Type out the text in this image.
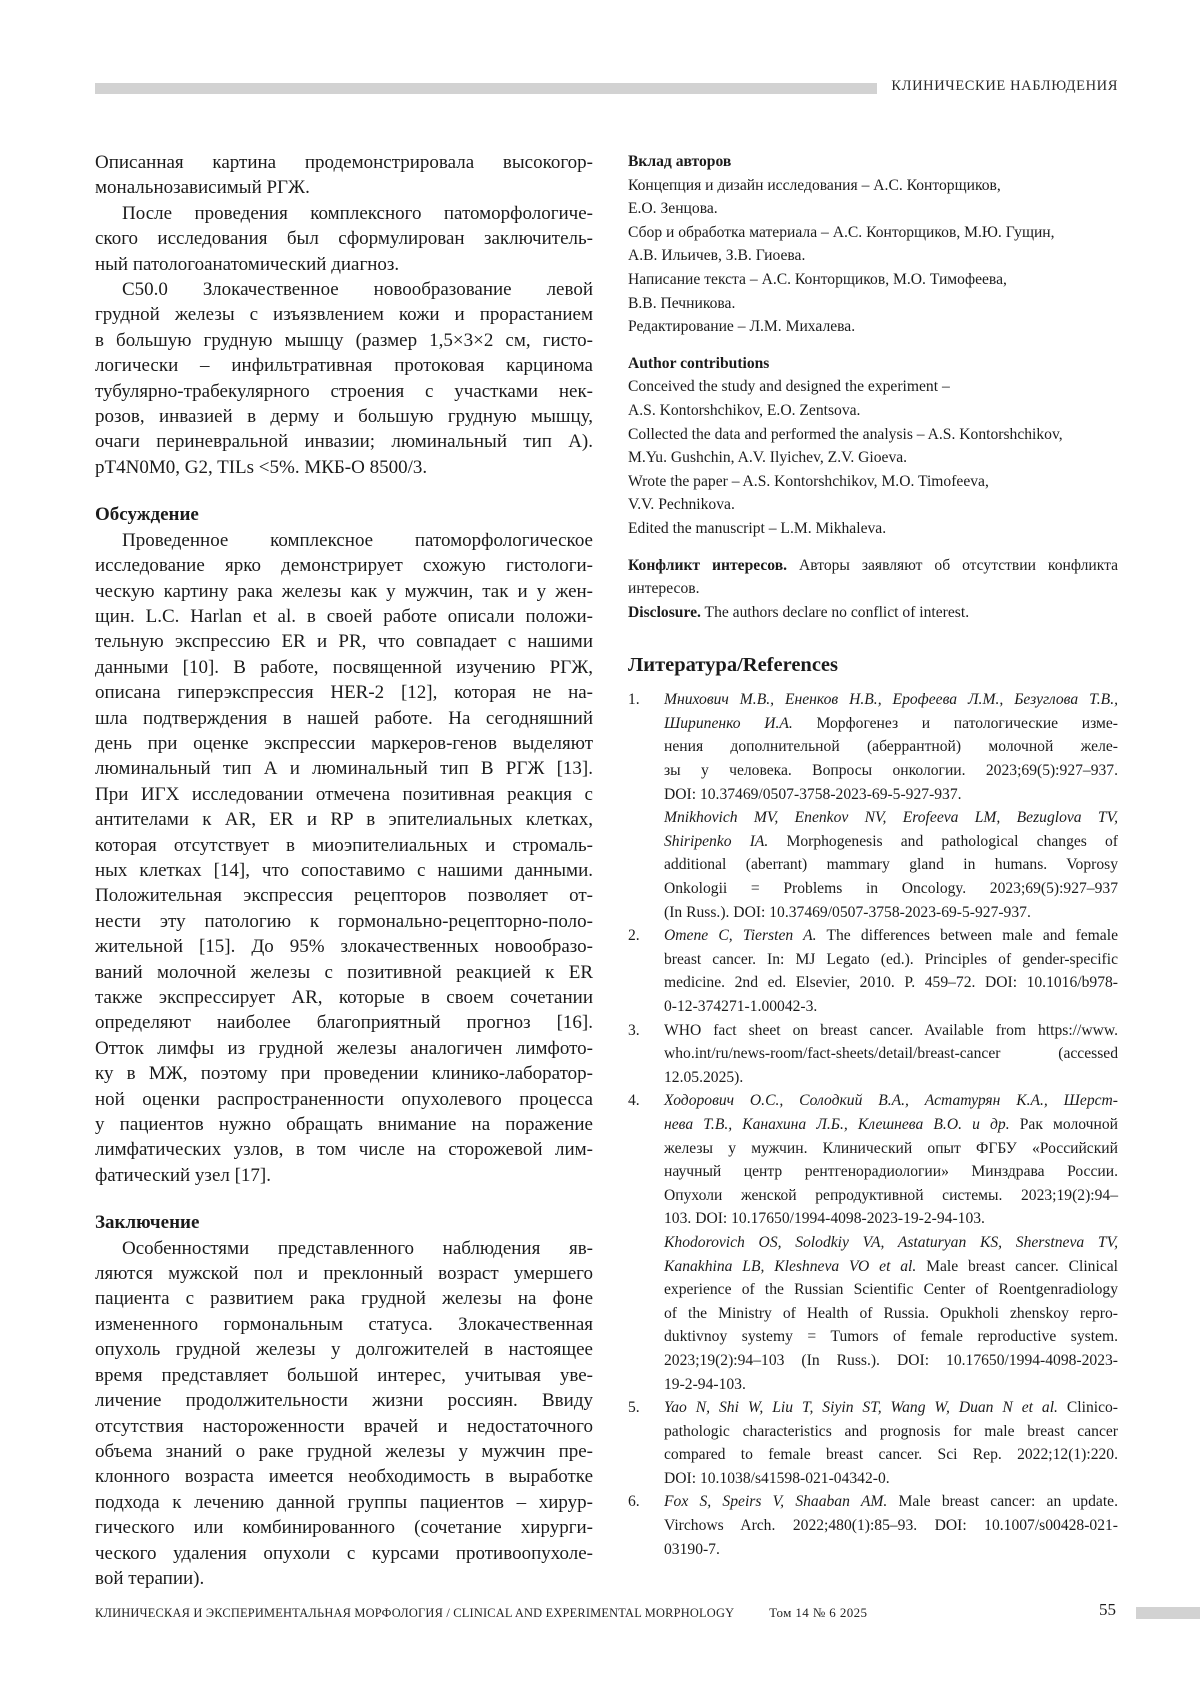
КЛИНИЧЕСКИЕ НАБЛЮДЕНИЯ
Описанная картина продемонстрировала высокогор-
мональнозависимый РГЖ.
После проведения комплексного патоморфологиче-
ского исследования был сформулирован заключитель-
ный патологоанатомический диагноз.
С50.0 Злокачественное новообразование левой
грудной железы с изъязвлением кожи и прорастанием
в большую грудную мышцу (размер 1,5×3×2 см, гисто-
логически – инфильтративная протоковая карцинома
тубулярно-трабекулярного строения с участками нек-
розов, инвазией в дерму и большую грудную мышцу,
очаги периневральной инвазии; люминальный тип А).
pT4N0M0, G2, TILs <5%. МКБ-О 8500/3.
Обсуждение
Проведенное комплексное патоморфологическое
исследование ярко демонстрирует схожую гистологи-
ческую картину рака железы как у мужчин, так и у жен-
щин. L.C. Harlan et al. в своей работе описали положи-
тельную экспрессию ER и PR, что совпадает с нашими
данными [10]. В работе, посвященной изучению РГЖ,
описана гиперэкспрессия HER-2 [12], которая не на-
шла подтверждения в нашей работе. На сегодняшний
день при оценке экспрессии маркеров-генов выделяют
люминальный тип А и люминальный тип В РГЖ [13].
При ИГХ исследовании отмечена позитивная реакция с
антителами к AR, ER и RP в эпителиальных клетках,
которая отсутствует в миоэпителиальных и стромаль-
ных клетках [14], что сопоставимо с нашими данными.
Положительная экспрессия рецепторов позволяет от-
нести эту патологию к гормонально-рецепторно-поло-
жительной [15]. До 95% злокачественных новообразо-
ваний молочной железы с позитивной реакцией к ER
также экспрессирует AR, которые в своем сочетании
определяют наиболее благоприятный прогноз [16].
Отток лимфы из грудной железы аналогичен лимфото-
ку в МЖ, поэтому при проведении клинико-лаборатор-
ной оценки распространенности опухолевого процесса
у пациентов нужно обращать внимание на поражение
лимфатических узлов, в том числе на сторожевой лим-
фатический узел [17].
Заключение
Особенностями представленного наблюдения яв-
ляются мужской пол и преклонный возраст умершего
пациента с развитием рака грудной железы на фоне
измененного гормональным статуса. Злокачественная
опухоль грудной железы у долгожителей в настоящее
время представляет большой интерес, учитывая уве-
личение продолжительности жизни россиян. Ввиду
отсутствия настороженности врачей и недостаточного
объема знаний о раке грудной железы у мужчин пре-
клонного возраста имеется необходимость в выработке
подхода к лечению данной группы пациентов – хирур-
гического или комбинированного (сочетание хирурги-
ческого удаления опухоли с курсами противоопухоле-
вой терапии).
Вклад авторов
Концепция и дизайн исследования – А.С. Конторщиков,
Е.О. Зенцова.
Сбор и обработка материала – А.С. Конторщиков, М.Ю. Гущин,
А.В. Ильичев, З.В. Гиоева.
Написание текста – А.С. Конторщиков, М.О. Тимофеева,
В.В. Печникова.
Редактирование – Л.М. Михалева.
Author contributions
Conceived the study and designed the experiment –
A.S. Kontorshchikov, E.O. Zentsova.
Collected the data and performed the analysis – A.S. Kontorshchikov,
M.Yu. Gushchin, A.V. Ilyichev, Z.V. Gioeva.
Wrote the paper – A.S. Kontorshchikov, M.O. Timofeeva,
V.V. Pechnikova.
Edited the manuscript – L.M. Mikhaleva.
Конфликт интересов. Авторы заявляют об отсутствии конфликта
интересов.
Disclosure. The authors declare no conflict of interest.
Литература/References
1. Мнихович М.В., Ененков Н.В., Ерофеева Л.М., Безуглова Т.В.,
Ширипенко И.А. Морфогенез и патологические изме-
нения дополнительной (аберрантной) молочной желе-
зы у человека. Вопросы онкологии. 2023;69(5):927–937.
DOI: 10.37469/0507-3758-2023-69-5-927-937.
Mnikhovich MV, Enenkov NV, Erofeeva LM, Bezuglova TV,
Shiripenko IA. Morphogenesis and pathological changes of
additional (aberrant) mammary gland in humans. Voprosy
Onkologii = Problems in Oncology. 2023;69(5):927–937
(In Russ.). DOI: 10.37469/0507-3758-2023-69-5-927-937.
2. Omene C, Tiersten A. The differences between male and female
breast cancer. In: MJ Legato (ed.). Principles of gender-specific
medicine. 2nd ed. Elsevier, 2010. P. 459–72. DOI: 10.1016/b978-
0-12-374271-1.00042-3.
3. WHO fact sheet on breast cancer. Available from https://www.
who.int/ru/news-room/fact-sheets/detail/breast-cancer (accessed
12.05.2025).
4. Ходорович О.С., Солодкий В.А., Астатурян К.А., Шерст-
нева Т.В., Канахина Л.Б., Клешнева В.О. и др. Рак молочной
железы у мужчин. Клинический опыт ФГБУ «Российский
научный центр рентгенорадиологии» Минздрава России.
Опухоли женской репродуктивной системы. 2023;19(2):94–
103. DOI: 10.17650/1994-4098-2023-19-2-94-103.
Khodorovich OS, Solodkiy VA, Astaturyan KS, Sherstneva TV,
Kanakhina LB, Kleshneva VO et al. Male breast cancer. Clinical
experience of the Russian Scientific Center of Roentgenradiology
of the Ministry of Health of Russia. Opukholi zhenskoy repro-
duktivnoy systemy = Tumors of female reproductive system.
2023;19(2):94–103 (In Russ.). DOI: 10.17650/1994-4098-2023-
19-2-94-103.
5. Yao N, Shi W, Liu T, Siyin ST, Wang W, Duan N et al. Clinico-
pathologic characteristics and prognosis for male breast cancer
compared to female breast cancer. Sci Rep. 2022;12(1):220.
DOI: 10.1038/s41598-021-04342-0.
6. Fox S, Speirs V, Shaaban AM. Male breast cancer: an update.
Virchows Arch. 2022;480(1):85–93. DOI: 10.1007/s00428-021-
03190-7.
КЛИНИЧЕСКАЯ И ЭКСПЕРИМЕНТАЛЬНАЯ МОРФОЛОГИЯ / CLINICAL AND EXPERIMENTAL MORPHOLOGY	Том 14 № 6 2025	55
